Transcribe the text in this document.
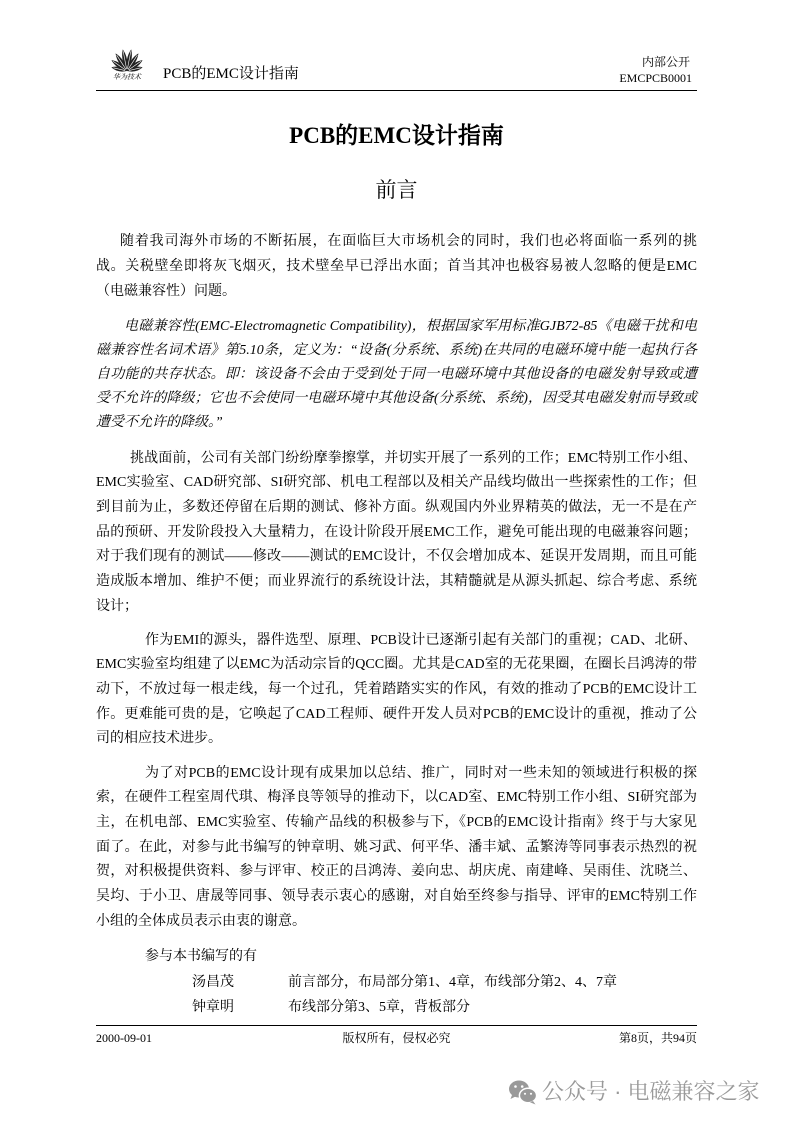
华为技术	PCB的EMC设计指南
内部公开
EMCPCB0001
PCB的EMC设计指南
前言
随着我司海外市场的不断拓展，在面临巨大市场机会的同时，我们也必将面临一系列的挑
战。关税壁垒即将灰飞烟灭，技术壁垒早已浮出水面；首当其冲也极容易被人忽略的便是EMC
（电磁兼容性）问题。
电磁兼容性(EMC-Electromagnetic Compatibility)，根据国家军用标准GJB72-85《电磁干扰和电
磁兼容性名词术语》第5.10条，定义为：“设备(分系统、系统)在共同的电磁环境中能一起执行各
自功能的共存状态。即：该设备不会由于受到处于同一电磁环境中其他设备的电磁发射导致或遭
受不允许的降级；它也不会使同一电磁环境中其他设备(分系统、系统)，因受其电磁发射而导致或
遭受不允许的降级。”
挑战面前，公司有关部门纷纷摩拳擦掌，并切实开展了一系列的工作；EMC特别工作小组、
EMC实验室、CAD研究部、SI研究部、机电工程部以及相关产品线均做出一些探索性的工作；但
到目前为止，多数还停留在后期的测试、修补方面。纵观国内外业界精英的做法，无一不是在产
品的预研、开发阶段投入大量精力，在设计阶段开展EMC工作，避免可能出现的电磁兼容问题；
对于我们现有的测试——修改——测试的EMC设计，不仅会增加成本、延误开发周期，而且可能
造成版本增加、维护不便；而业界流行的系统设计法，其精髓就是从源头抓起、综合考虑、系统
设计；
作为EMI的源头，器件选型、原理、PCB设计已逐渐引起有关部门的重视；CAD、北研、
EMC实验室均组建了以EMC为活动宗旨的QCC圈。尤其是CAD室的无花果圈，在圈长吕鸿涛的带
动下，不放过每一根走线，每一个过孔，凭着踏踏实实的作风，有效的推动了PCB的EMC设计工
作。更难能可贵的是，它唤起了CAD工程师、硬件开发人员对PCB的EMC设计的重视，推动了公
司的相应技术进步。
为了对PCB的EMC设计现有成果加以总结、推广，同时对一些未知的领域进行积极的探
索，在硬件工程室周代琪、梅泽良等领导的推动下，以CAD室、EMC特别工作小组、SI研究部为
主，在机电部、EMC实验室、传输产品线的积极参与下，《PCB的EMC设计指南》终于与大家见
面了。在此，对参与此书编写的钟章明、姚习武、何平华、潘丰斌、孟繁涛等同事表示热烈的祝
贺，对积极提供资料、参与评审、校正的吕鸿涛、姜向忠、胡庆虎、南建峰、吴雨佳、沈晓兰、
吴均、于小卫、唐晟等同事、领导表示衷心的感谢，对自始至终参与指导、评审的EMC特别工作
小组的全体成员表示由衷的谢意。
参与本书编写的有
汤昌茂	前言部分，布局部分第1、4章，布线部分第2、4、7章
钟章明	布线部分第3、5章，背板部分
2000-09-01	版权所有，侵权必究	第8页，共94页
公众号 · 电磁兼容之家
